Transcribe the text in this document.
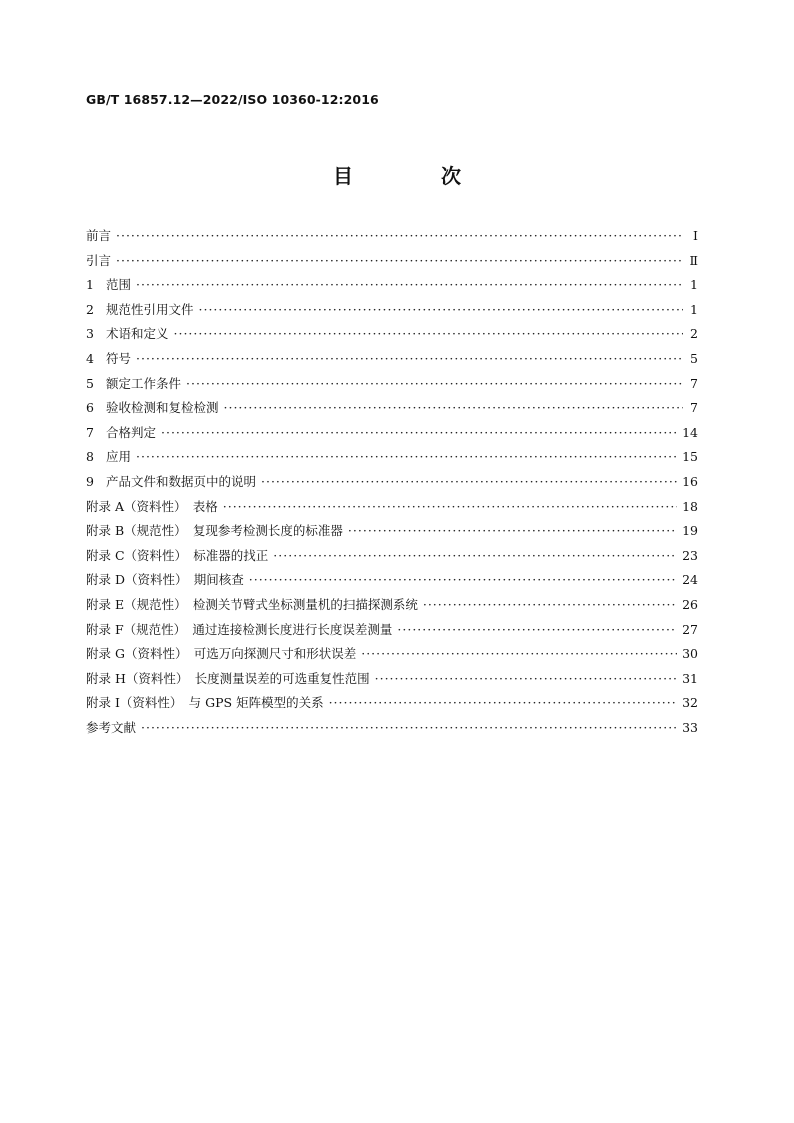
GB/T 16857.12—2022/ISO 10360-12:2016
目　次
前言 ·····	Ⅰ
引言 ·····	Ⅱ
1 范围 ·····	1
2 规范性引用文件 ·····	1
3 术语和定义 ·····	2
4 符号 ·····	5
5 额定工作条件 ·····	7
6 验收检测和复检检测 ·····	7
7 合格判定 ·····	14
8 应用 ·····	15
9 产品文件和数据页中的说明 ·····	16
附录 A（资料性）　表格 ·····	18
附录 B（规范性）　复现参考检测长度的标准器 ·····	19
附录 C（资料性）　标准器的找正 ·····	23
附录 D（资料性）　期间核查 ·····	24
附录 E（规范性）　检测关节臂式坐标测量机的扫描探测系统 ·····	26
附录 F（规范性）　通过连接检测长度进行长度误差测量 ·····	27
附录 G（资料性）　可选万向探测尺寸和形状误差 ·····	30
附录 H（资料性）　长度测量误差的可选重复性范围 ·····	31
附录 I（资料性）　与 GPS 矩阵模型的关系 ·····	32
参考文献 ·····	33
